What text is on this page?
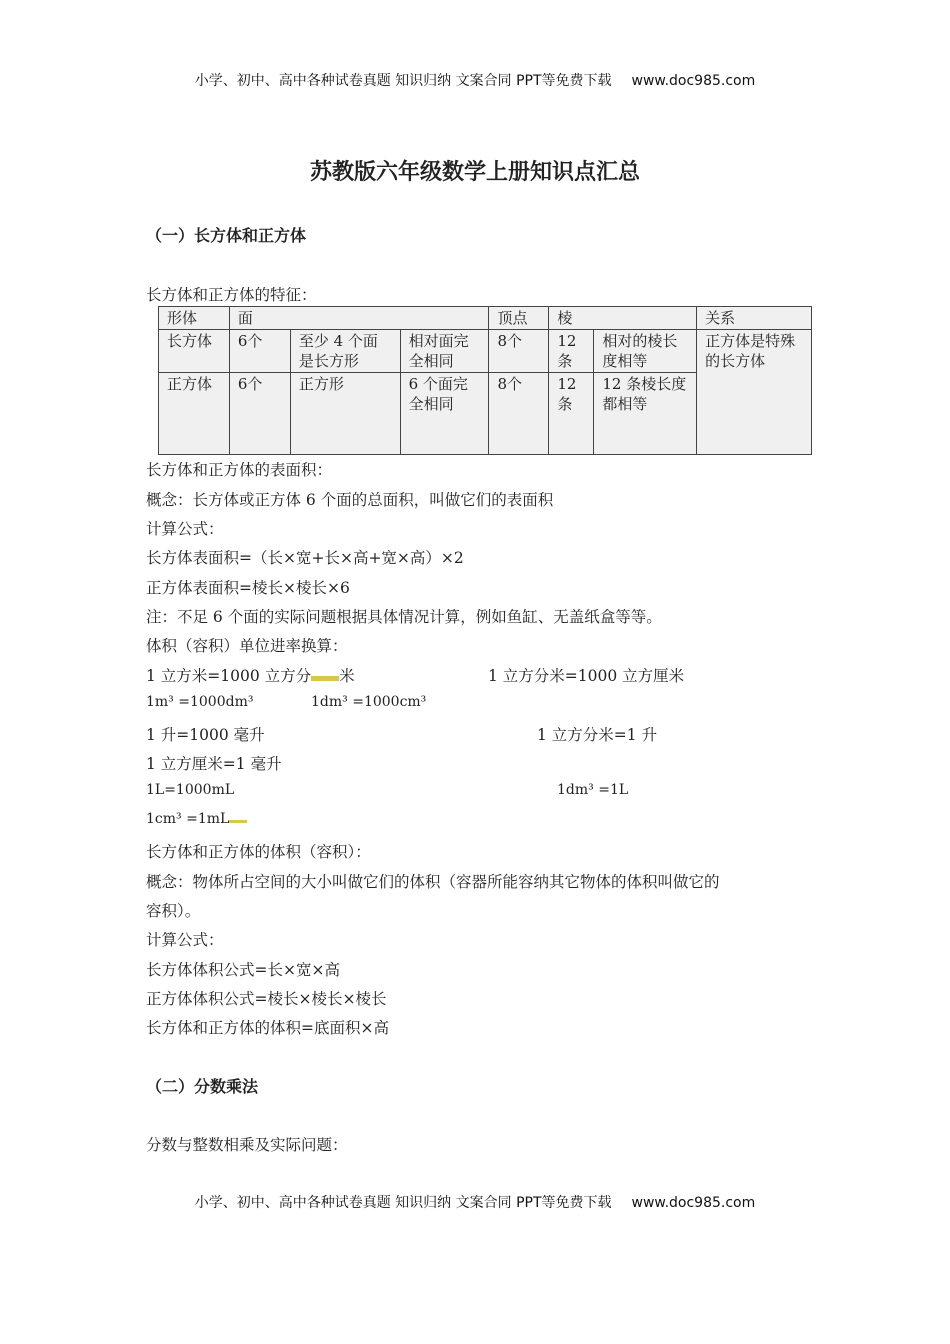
小学、初中、高中各种试卷真题 知识归纳 文案合同 PPT等免费下载 www.doc985.com
苏教版六年级数学上册知识点汇总
（一）长方体和正方体
长方体和正方体的特征：
形体	面			顶点	棱		关系
长方体	6个	至少 4 个面是长方形	相对面完全相同	8个	12条	相对的棱长度相等	正方体是特殊的长方体
正方体	6个	正方形	6 个面完全相同	8个	12条	12 条棱长度都相等	
长方体和正方体的表面积：
概念：长方体或正方体 6 个面的总面积，叫做它们的表面积
计算公式：
长方体表面积=（长×宽+长×高+宽×高）×2
正方体表面积=棱长×棱长×6
注：不足 6 个面的实际问题根据具体情况计算，例如鱼缸、无盖纸盒等等。
体积（容积）单位进率换算：
1 立方米=1000 立方分 米	1 立方分米=1000 立方厘米
1m³ =1000dm³	1dm³ =1000cm³
1 升=1000 毫升	1 立方分米=1 升
1 立方厘米=1 毫升
1L=1000mL	1dm³ =1L
1cm³ =1mL
长方体和正方体的体积（容积）：
概念：物体所占空间的大小叫做它们的体积（容器所能容纳其它物体的体积叫做它的
容积）。
计算公式：
长方体体积公式=长×宽×高
正方体体积公式=棱长×棱长×棱长
长方体和正方体的体积=底面积×高
（二）分数乘法
分数与整数相乘及实际问题：
小学、初中、高中各种试卷真题 知识归纳 文案合同 PPT等免费下载 www.doc985.com
